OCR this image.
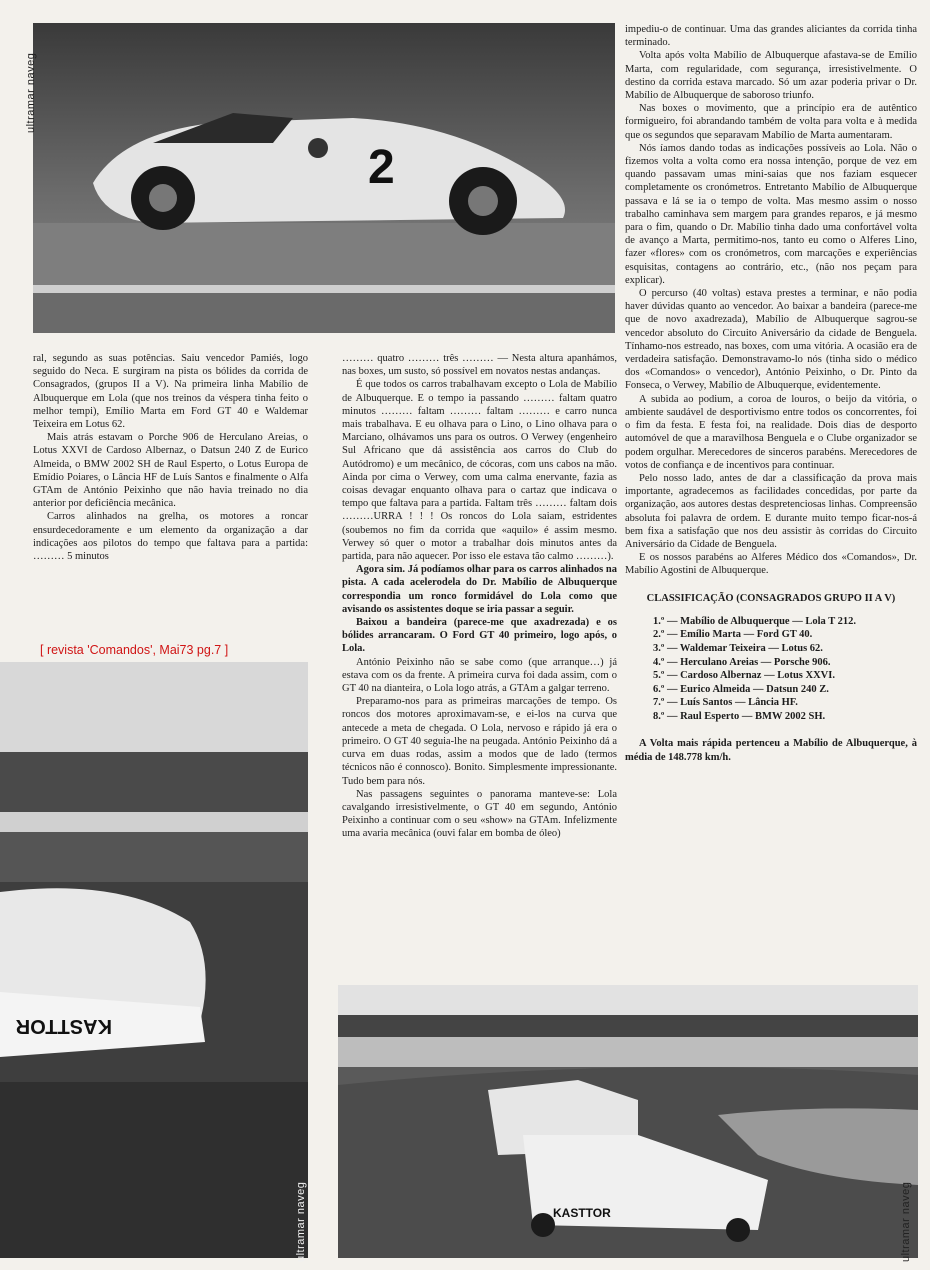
2

ral, segundo as suas potências. Saiu vencedor Pamiés, logo seguido do Neca. E surgiram na pista os bólides da corrida de Consagrados, (grupos II a V). Na primeira linha Mabílio de Albuquerque em Lola (que nos treinos da véspera tinha feito o melhor tempi), Emílio Marta em Ford GT 40 e Waldemar Teixeira em Lotus 62.

Mais atrás estavam o Porche 906 de Herculano Areias, o Lotus XXVI de Cardoso Albernaz, o Datsun 240 Z de Eurico Almeida, o BMW 2002 SH de Raul Esperto, o Lotus Europa de Emídio Poiares, o Lância HF de Luís Santos e finalmente o Alfa GTAm de António Peixinho que não havia treinado no dia anterior por deficiência mecânica.

Carros alinhados na grelha, os motores a roncar ensurdecedoramente e um elemento da organização a dar indicações aos pilotos do tempo que faltava para a partida: ……… 5 minutos

[ revista 'Comandos', Mai73 pg.7 ]
KASTTOR

……… quatro ……… três ……… — Nesta altura apanhámos, nas boxes, um susto, só possível em novatos nestas andanças.

É que todos os carros trabalhavam excepto o Lola de Mabílio de Albuquerque. E o tempo ia passando ……… faltam quatro minutos ……… faltam ……… faltam ……… e carro nunca mais trabalhava. E eu olhava para o Lino, o Lino olhava para o Marciano, olhávamos uns para os outros. O Verwey (engenheiro Sul Africano que dá assistência aos carros do Club do Autódromo) e um mecânico, de cócoras, com uns cabos na mão. Ainda por cima o Verwey, com uma calma enervante, fazia as coisas devagar enquanto olhava para o cartaz que indicava o tempo que faltava para a partida. Faltam três ……… faltam dois ………URRA ! ! ! Os roncos do Lola saiam, estridentes (soubemos no fim da corrida que «aquilo» é assim mesmo. Verwey só quer o motor a trabalhar dois minutos antes da partida, para não aquecer. Por isso ele estava tão calmo ………).

Agora sim. Já podíamos olhar para os carros alinhados na pista. A cada acelerodela do Dr. Mabílio de Albuquerque correspondia um ronco formidável do Lola como que avisando os assistentes doque se iria passar a seguir.

Baixou a bandeira (parece-me que axadrezada) e os bólides arrancaram. O Ford GT 40 primeiro, logo após, o Lola.

António Peixinho não se sabe como (que arranque…) já estava com os da frente. A primeira curva foi dada assim, com o GT 40 na dianteira, o Lola logo atrás, a GTAm a galgar terreno.

Preparamo-nos para as primeiras marcações de tempo. Os roncos dos motores aproximavam-se, e ei-los na curva que antecede a meta de chegada. O Lola, nervoso e rápido já era o primeiro. O GT 40 seguia-lhe na peugada. António Peixinho dá a curva em duas rodas, assim a modos que de lado (termos técnicos não é connosco). Bonito. Simplesmente impressionante. Tudo bem para nós.

Nas passagens seguintes o panorama manteve-se: Lola cavalgando irresistivelmente, o GT 40 em segundo, António Peixinho a continuar com o seu «show» na GTAm. Infelizmente uma avaria mecânica (ouvi falar em bomba de óleo)

impediu-o de continuar. Uma das grandes aliciantes da corrida tinha terminado.

Volta após volta Mabílio de Albuquerque afastava-se de Emílio Marta, com regularidade, com segurança, irresistivelmente. O destino da corrida estava marcado. Só um azar poderia privar o Dr. Mabílio de Albuquerque de saboroso triunfo.

Nas boxes o movimento, que a princípio era de autêntico formigueiro, foi abrandando também de volta para volta e à medida que os segundos que separavam Mabílio de Marta aumentaram.

Nós íamos dando todas as indicações possíveis ao Lola. Não o fizemos volta a volta como era nossa intenção, porque de vez em quando passavam umas mini-saias que nos faziam esquecer completamente os cronómetros. Entretanto Mabílio de Albuquerque passava e lá se ia o tempo de volta. Mas mesmo assim o nosso trabalho caminhava sem margem para grandes reparos, e já mesmo para o fim, quando o Dr. Mabílio tinha dado uma confortável volta de avanço a Marta, permitimo-nos, tanto eu como o Alferes Lino, fazer «flores» com os cronómetros, com marcações e experiências esquisitas, contagens ao contrário, etc., (não nos peçam para explicar).

O percurso (40 voltas) estava prestes a terminar, e não podia haver dúvidas quanto ao vencedor. Ao baixar a bandeira (parece-me que de novo axadrezada), Mabílio de Albuquerque sagrou-se vencedor absoluto do Circuito Aniversário da cidade de Benguela. Tínhamo-nos estreado, nas boxes, com uma vitória. A ocasião era de verdadeira satisfação. Demonstravamo-lo nós (tinha sido o médico dos «Comandos» o vencedor), António Peixinho, o Dr. Pinto da Fonseca, o Verwey, Mabílio de Albuquerque, evidentemente.

A subida ao podium, a coroa de louros, o beijo da vitória, o ambiente saudável de desportivismo entre todos os concorrentes, foi o fim da festa. E festa foi, na realidade. Dois dias de desporto automóvel de que a maravilhosa Benguela e o Clube organizador se podem orgulhar. Merecedores de sinceros parabéns. Merecedores de votos de confiança e de incentivos para continuar.

Pelo nosso lado, antes de dar a classificação da prova mais importante, agradecemos as facilidades concedidas, por parte da organização, aos autores destas despretenciosas linhas. Compreensão absoluta foi palavra de ordem. E durante muito tempo ficar-nos-á bem fixa a satisfação que nos deu assistir às corridas do Circuito Aniversário da Cidade de Benguela.

E os nossos parabéns ao Alferes Médico dos «Comandos», Dr. Mabílio Agostini de Albuquerque.

CLASSIFICAÇÃO (CONSAGRADOS GRUPO II A V)

1.º — Mabílio de Albuquerque — Lola T 212.
2.º — Emílio Marta — Ford GT 40.
3.º — Waldemar Teixeira — Lotus 62.
4.º — Herculano Areias — Porsche 906.
5.º — Cardoso Albernaz — Lotus XXVI.
6.º — Eurico Almeida — Datsun 240 Z.
7.º — Luís Santos — Lância HF.
8.º — Raul Esperto — BMW 2002 SH.

A Volta mais rápida pertenceu a Mabílio de Albuquerque, à média de 148.778 km/h.

KASTTOR
ultramar naveg
ultramar naveg	ultramar naveg
